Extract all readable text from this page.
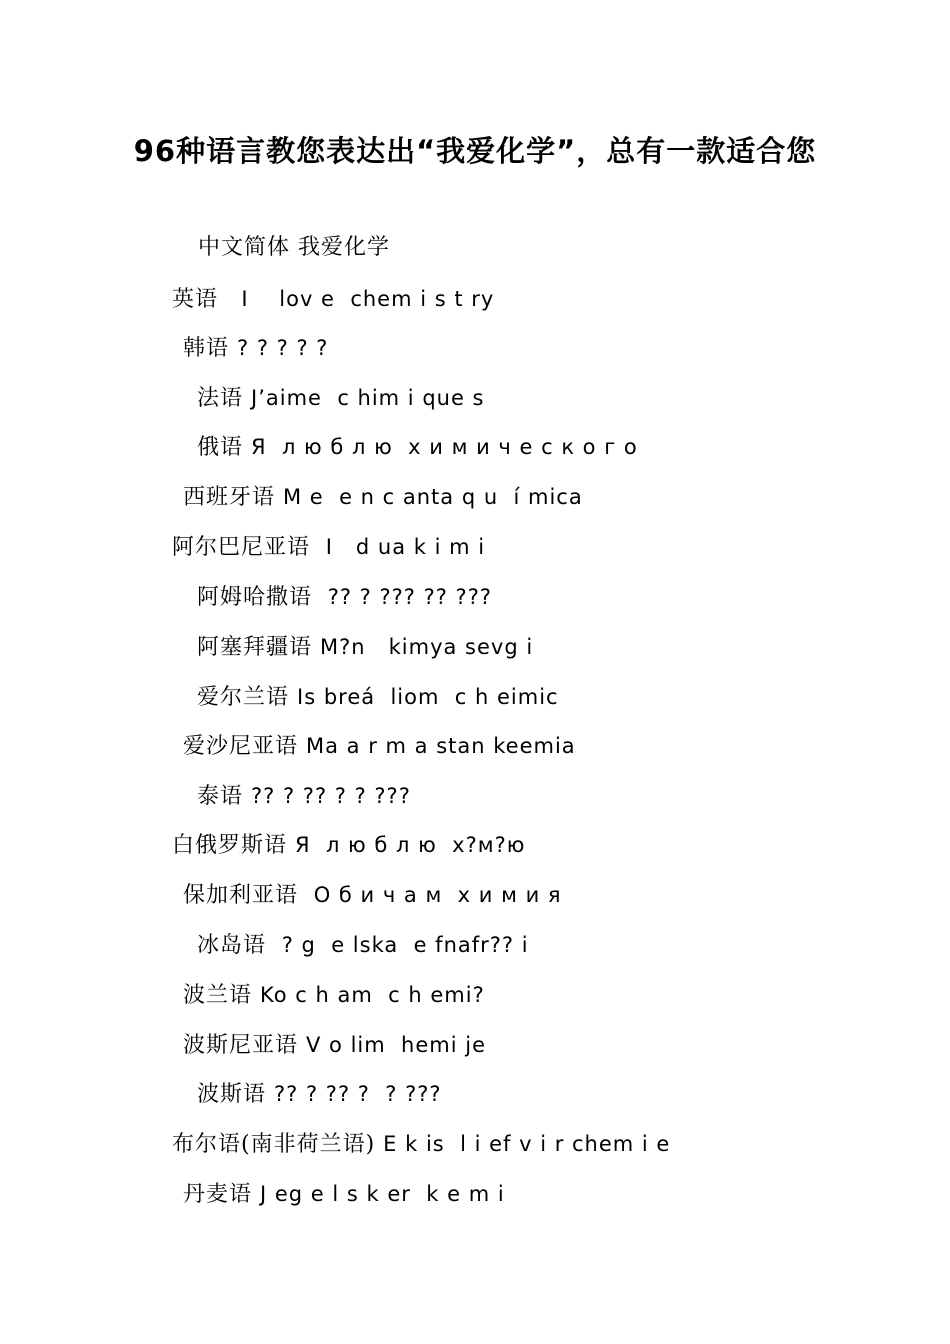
96种语言教您表达出“我爱化学”，总有一款适合您
中文简体 我爱化学
英语  I    lov e  chem i s t ry
韩语 ? ? ? ? ?
法语 J’aime  c him i que s
俄语 Я  л ю б л ю  х и м и ч е с к о г о
西班牙语 M e  e n c anta q u  í mica
阿尔巴尼亚语 I   d ua k i m i
阿姆哈撒语 ?? ? ??? ?? ???
阿塞拜疆语 M?n   kimya sevg i
爱尔兰语 Is breá  liom  c h eimic
爱沙尼亚语 Ma a r m a stan keemia
泰语 ?? ? ?? ? ? ???
白俄罗斯语 Я  л ю б л ю  х?м?ю
保加利亚语 О б и ч а м  х и м и я
冰岛语 ? g  e lska  e fnafr?? i
波兰语 Ko c h am  c h emi?
波斯尼亚语 V o lim  hemi je
波斯语 ?? ? ?? ?  ? ???
布尔语(南非荷兰语) E k is  l i ef v i r chem i e
丹麦语 J eg e l s k er  k e m i
